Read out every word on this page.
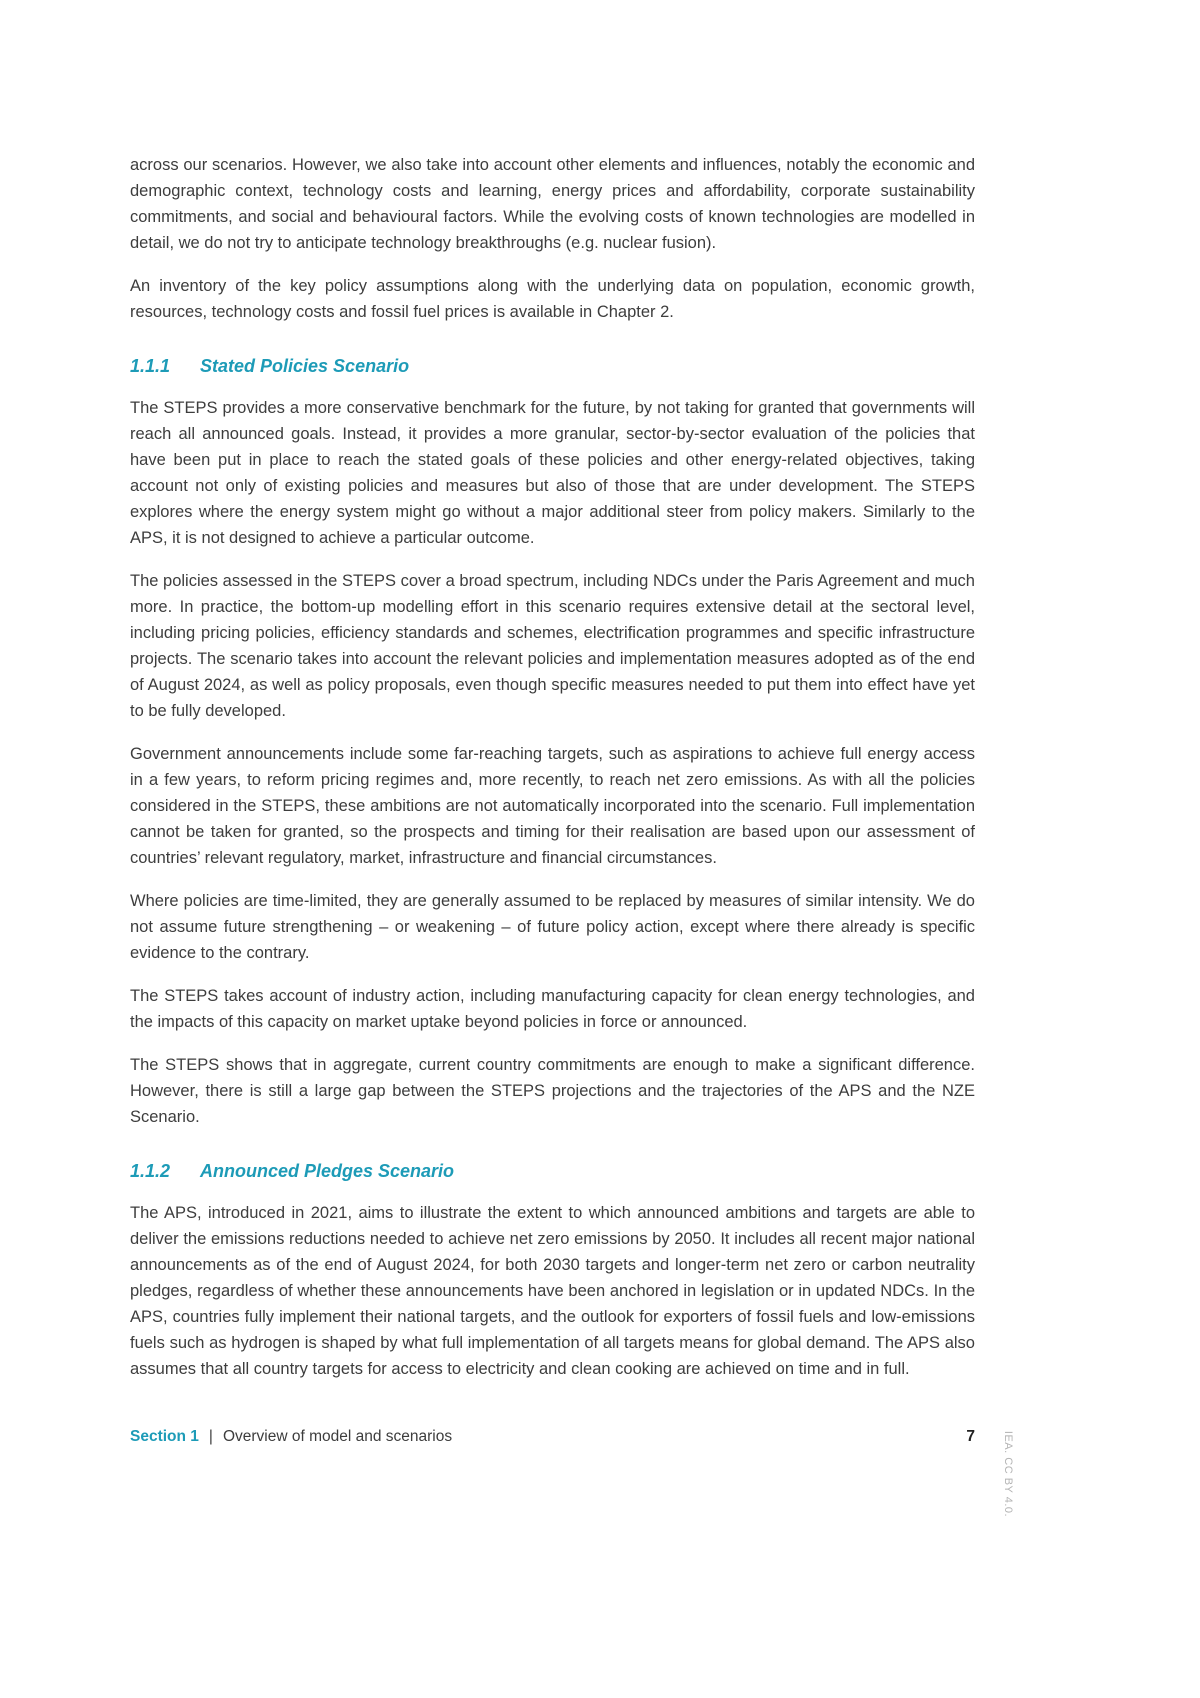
across our scenarios. However, we also take into account other elements and influences, notably the economic and demographic context, technology costs and learning, energy prices and affordability, corporate sustainability commitments, and social and behavioural factors. While the evolving costs of known technologies are modelled in detail, we do not try to anticipate technology breakthroughs (e.g. nuclear fusion).

An inventory of the key policy assumptions along with the underlying data on population, economic growth, resources, technology costs and fossil fuel prices is available in Chapter 2.

1.1.1	Stated Policies Scenario

The STEPS provides a more conservative benchmark for the future, by not taking for granted that governments will reach all announced goals. Instead, it provides a more granular, sector-by-sector evaluation of the policies that have been put in place to reach the stated goals of these policies and other energy-related objectives, taking account not only of existing policies and measures but also of those that are under development. The STEPS explores where the energy system might go without a major additional steer from policy makers. Similarly to the APS, it is not designed to achieve a particular outcome.

The policies assessed in the STEPS cover a broad spectrum, including NDCs under the Paris Agreement and much more. In practice, the bottom-up modelling effort in this scenario requires extensive detail at the sectoral level, including pricing policies, efficiency standards and schemes, electrification programmes and specific infrastructure projects. The scenario takes into account the relevant policies and implementation measures adopted as of the end of August 2024, as well as policy proposals, even though specific measures needed to put them into effect have yet to be fully developed.

Government announcements include some far-reaching targets, such as aspirations to achieve full energy access in a few years, to reform pricing regimes and, more recently, to reach net zero emissions. As with all the policies considered in the STEPS, these ambitions are not automatically incorporated into the scenario. Full implementation cannot be taken for granted, so the prospects and timing for their realisation are based upon our assessment of countries’ relevant regulatory, market, infrastructure and financial circumstances.

Where policies are time-limited, they are generally assumed to be replaced by measures of similar intensity. We do not assume future strengthening – or weakening – of future policy action, except where there already is specific evidence to the contrary.

The STEPS takes account of industry action, including manufacturing capacity for clean energy technologies, and the impacts of this capacity on market uptake beyond policies in force or announced.

The STEPS shows that in aggregate, current country commitments are enough to make a significant difference. However, there is still a large gap between the STEPS projections and the trajectories of the APS and the NZE Scenario.

1.1.2	Announced Pledges Scenario

The APS, introduced in 2021, aims to illustrate the extent to which announced ambitions and targets are able to deliver the emissions reductions needed to achieve net zero emissions by 2050. It includes all recent major national announcements as of the end of August 2024, for both 2030 targets and longer-term net zero or carbon neutrality pledges, regardless of whether these announcements have been anchored in legislation or in updated NDCs. In the APS, countries fully implement their national targets, and the outlook for exporters of fossil fuels and low-emissions fuels such as hydrogen is shaped by what full implementation of all targets means for global demand. The APS also assumes that all country targets for access to electricity and clean cooking are achieved on time and in full.

Section 1 | Overview of model and scenarios	7 IEA. CC BY 4.0.
